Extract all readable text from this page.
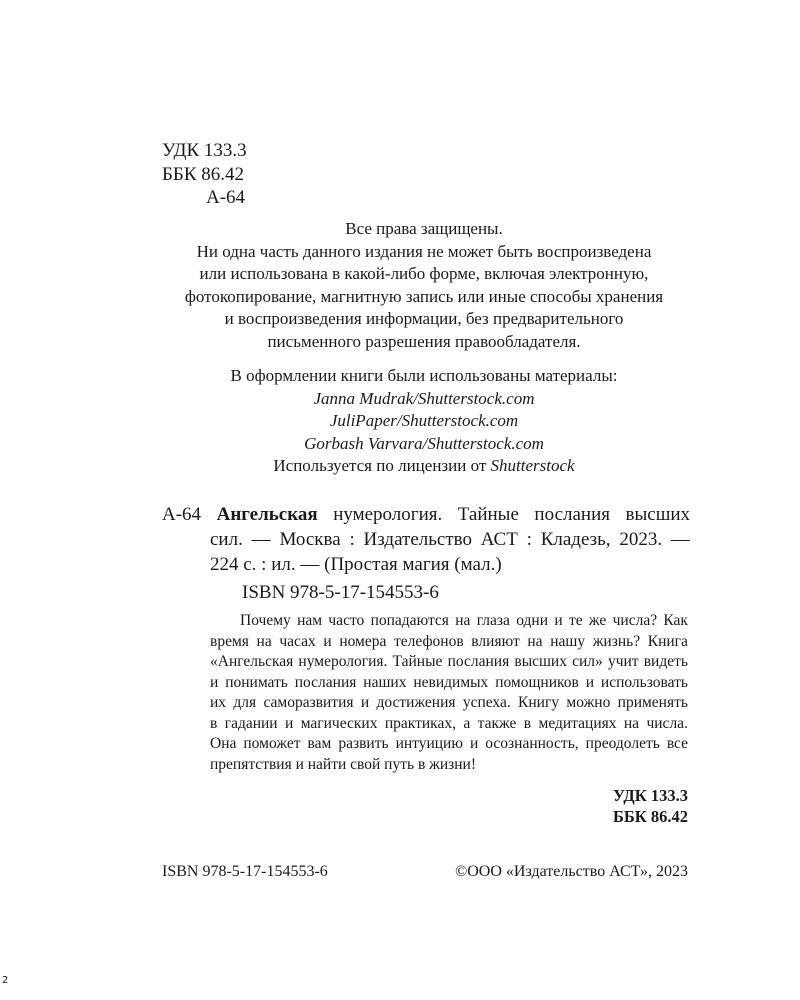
УДК 133.3
ББК 86.42
А-64
Все права защищены.
Ни одна часть данного издания не может быть воспроизведена
или использована в какой-либо форме, включая электронную,
фотокопирование, магнитную запись или иные способы хранения
и воспроизведения информации, без предварительного
письменного разрешения правообладателя.
В оформлении книги были использованы материалы:
Janna Mudrak/Shutterstock.com
JuliPaper/Shutterstock.com
Gorbash Varvara/Shutterstock.com
Используется по лицензии от Shutterstock
А-64 Ангельская нумерология. Тайные послания высших
сил. — Москва : Издательство АСТ : Кладезь, 2023. —
224 с. : ил. — (Простая магия (мал.)
ISBN 978-5-17-154553-6
Почему нам часто попадаются на глаза одни и те же числа? Как
время на часах и номера телефонов влияют на нашу жизнь? Книга
«Ангельская нумерология. Тайные послания высших сил» учит видеть
и понимать послания наших невидимых помощников и использовать
их для саморазвития и достижения успеха. Книгу можно применять
в гадании и магических практиках, а также в медитациях на числа.
Она поможет вам развить интуицию и осознанность, преодолеть все
препятствия и найти свой путь в жизни!
УДК 133.3
ББК 86.42
ISBN 978-5-17-154553-6	©ООО «Издательство АСТ», 2023
2
